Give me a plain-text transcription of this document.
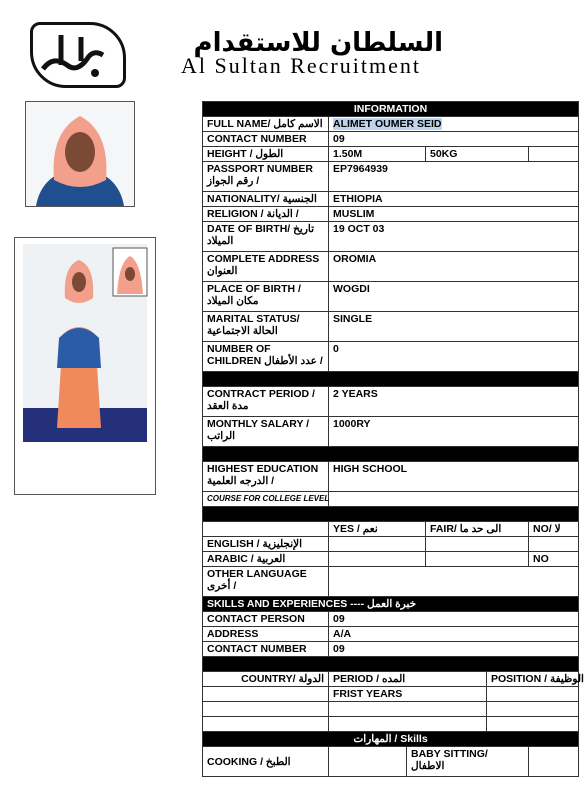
السلطان للاستقدام
Al Sultan Recruitment
INFORMATION					
FULL NAME/ الاسم كامل	ALIMET OUMER SEID				
CONTACT NUMBER	09				
HEIGHT / الطول	1.50M		50KG		
PASSPORT NUMBER رقم الجواز /	EP7964939				
NATIONALITY/ الجنسية	ETHIOPIA				
RELIGION / الديانة /	MUSLIM				
DATE OF BIRTH/ تاريخ الميلاد	19 OCT 03				
COMPLETE ADDRESS العنوان	OROMIA				
PLACE OF BIRTH / مكان الميلاد	WOGDI				
MARITAL STATUS/ الحالة الاجتماعية	SINGLE				
NUMBER OF CHILDREN عدد الأطفال /	0				

CONTRACT PERIOD / مدة العقد	2 YEARS				
MONTHLY SALARY / الراتب	1000RY				

HIGHEST EDUCATION الدرجه العلمية /	HIGH SCHOOL				
COURSE FOR COLLEGE LEVEL					

	YES / نعم		FAIR/ الى حد ما		NO/ لا
ENGLISH / الإنجليزية					
ARABIC / العربية					NO
OTHER LANGUAGE أخرى /					
SKILLS AND EXPERIENCES ---- خبرة العمل					
CONTACT PERSON	09				
ADDRESS	A/A				
CONTACT NUMBER	09				

COUNTRY/ الدولة	PERIOD / المده			POSITION / الوظيفة	
	FRIST YEARS				

المهارات / Skills					
COOKING / الطبخ		BABY SITTING/ الاطفال			
